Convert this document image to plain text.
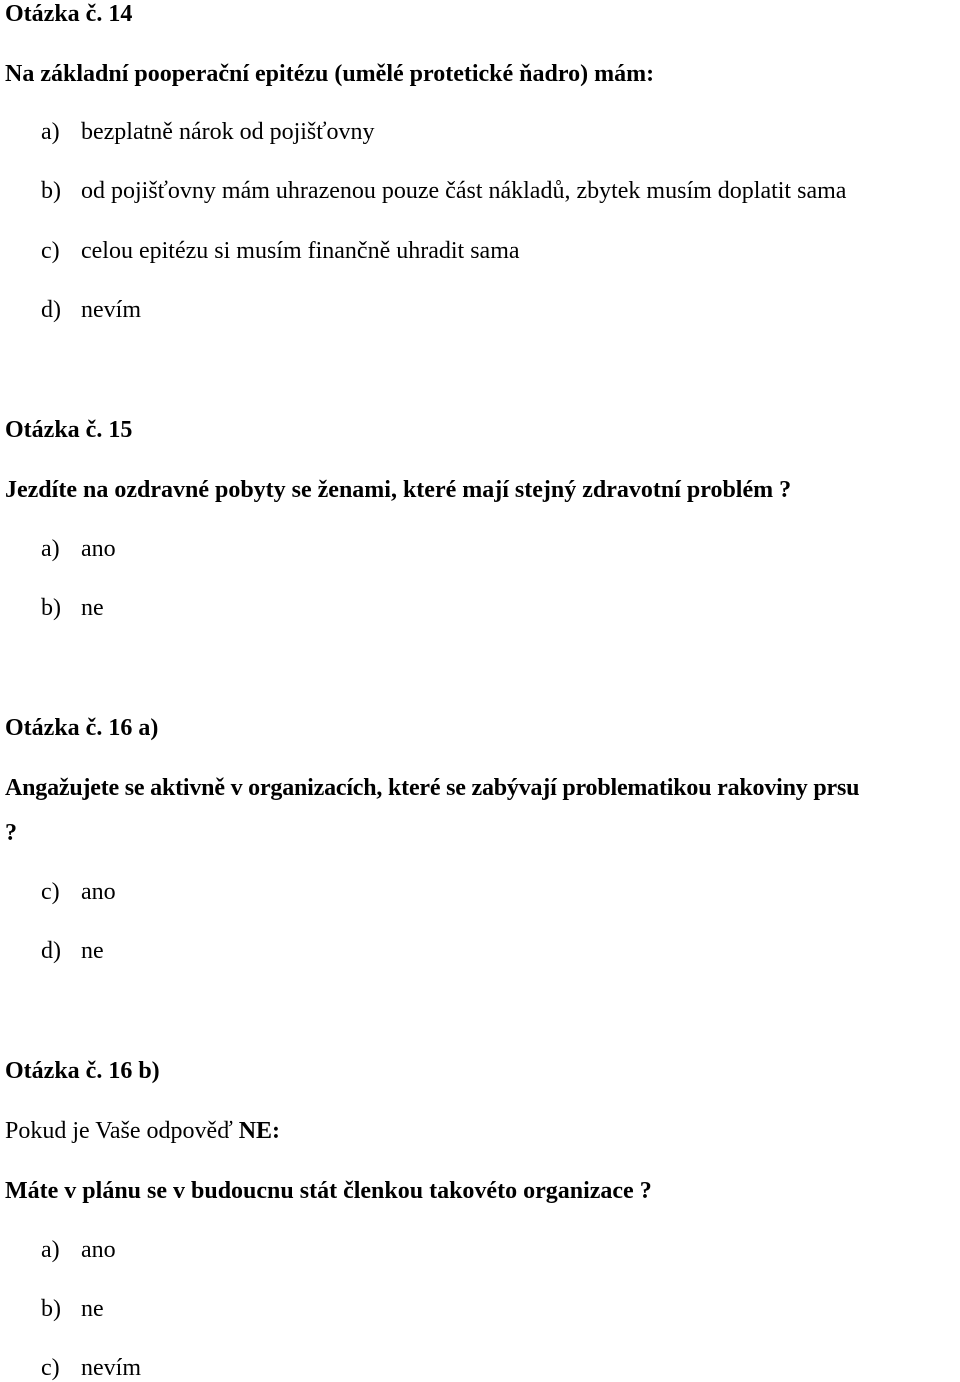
Otázka č. 14
Na základní pooperační epitézu (umělé protetické ňadro) mám:
a) bezplatně nárok od pojišťovny
b) od pojišťovny mám uhrazenou pouze část nákladů, zbytek musím doplatit sama
c) celou epitézu si musím finančně uhradit sama
d) nevím
Otázka č. 15
Jezdíte na ozdravné pobyty se ženami, které mají stejný zdravotní problém ?
a) ano
b) ne
Otázka č. 16 a)
Angažujete se aktivně v organizacích, které se zabývají problematikou rakoviny prsu
?
c) ano
d) ne
Otázka č. 16 b)
Pokud je Vaše odpověď NE:
Máte v plánu se v budoucnu stát členkou takovéto organizace ?
a) ano
b) ne
c) nevím
